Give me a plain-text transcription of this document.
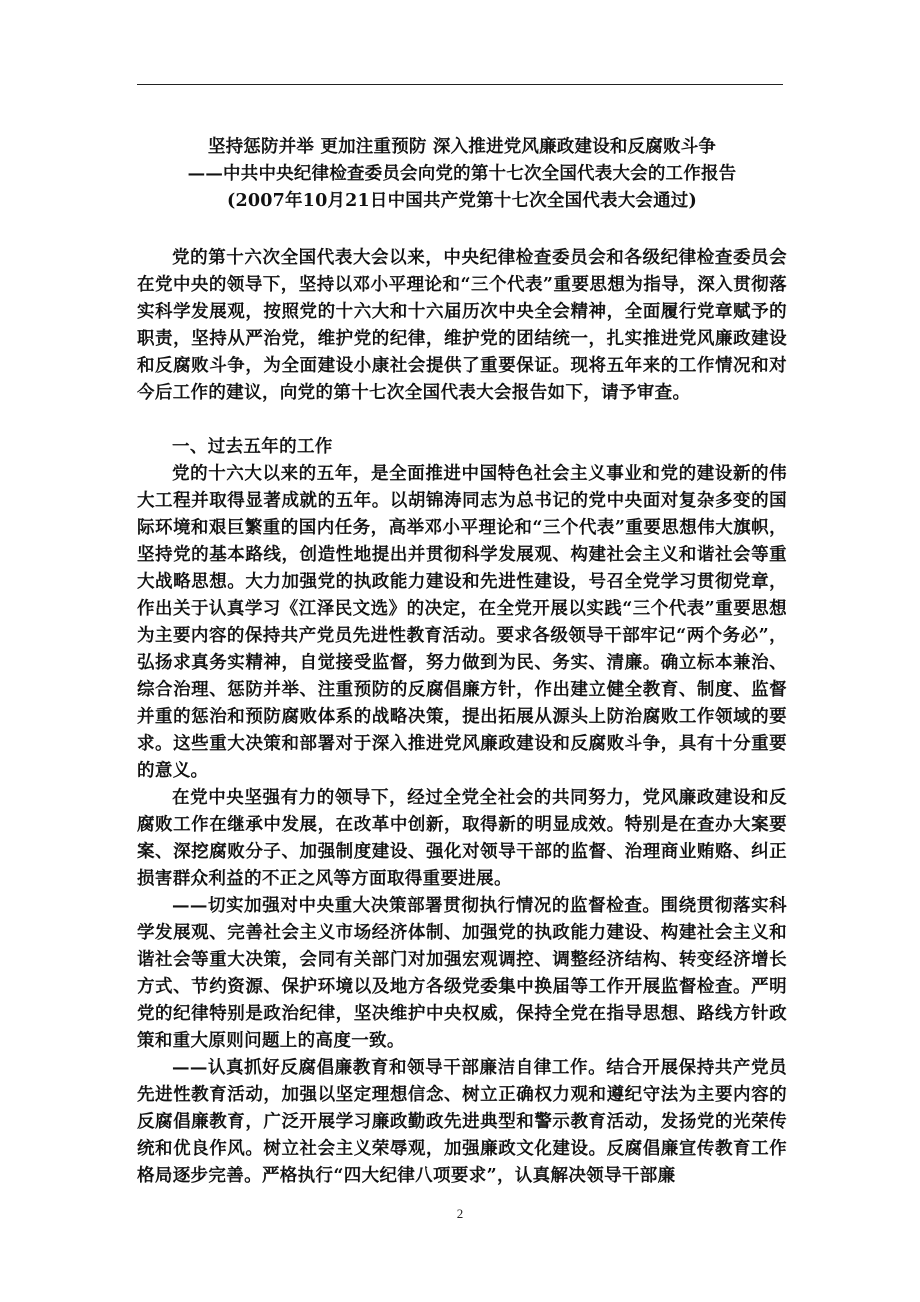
坚持惩防并举 更加注重预防 深入推进党风廉政建设和反腐败斗争
——中共中央纪律检查委员会向党的第十七次全国代表大会的工作报告
(2007年10月21日中国共产党第十七次全国代表大会通过)

党的第十六次全国代表大会以来，中央纪律检查委员会和各级纪律检查委员会在党中央的领导下，坚持以邓小平理论和“三个代表”重要思想为指导，深入贯彻落实科学发展观，按照党的十六大和十六届历次中央全会精神，全面履行党章赋予的职责，坚持从严治党，维护党的纪律，维护党的团结统一，扎实推进党风廉政建设和反腐败斗争，为全面建设小康社会提供了重要保证。现将五年来的工作情况和对今后工作的建议，向党的第十七次全国代表大会报告如下，请予审查。

一、过去五年的工作

党的十六大以来的五年，是全面推进中国特色社会主义事业和党的建设新的伟大工程并取得显著成就的五年。以胡锦涛同志为总书记的党中央面对复杂多变的国际环境和艰巨繁重的国内任务，高举邓小平理论和“三个代表”重要思想伟大旗帜，坚持党的基本路线，创造性地提出并贯彻科学发展观、构建社会主义和谐社会等重大战略思想。大力加强党的执政能力建设和先进性建设，号召全党学习贯彻党章，作出关于认真学习《江泽民文选》的决定，在全党开展以实践“三个代表”重要思想为主要内容的保持共产党员先进性教育活动。要求各级领导干部牢记“两个务必”，弘扬求真务实精神，自觉接受监督，努力做到为民、务实、清廉。确立标本兼治、综合治理、惩防并举、注重预防的反腐倡廉方针，作出建立健全教育、制度、监督并重的惩治和预防腐败体系的战略决策，提出拓展从源头上防治腐败工作领域的要求。这些重大决策和部署对于深入推进党风廉政建设和反腐败斗争，具有十分重要的意义。

在党中央坚强有力的领导下，经过全党全社会的共同努力，党风廉政建设和反腐败工作在继承中发展，在改革中创新，取得新的明显成效。特别是在查办大案要案、深挖腐败分子、加强制度建设、强化对领导干部的监督、治理商业贿赂、纠正损害群众利益的不正之风等方面取得重要进展。

——切实加强对中央重大决策部署贯彻执行情况的监督检查。围绕贯彻落实科学发展观、完善社会主义市场经济体制、加强党的执政能力建设、构建社会主义和谐社会等重大决策，会同有关部门对加强宏观调控、调整经济结构、转变经济增长方式、节约资源、保护环境以及地方各级党委集中换届等工作开展监督检查。严明党的纪律特别是政治纪律，坚决维护中央权威，保持全党在指导思想、路线方针政策和重大原则问题上的高度一致。

——认真抓好反腐倡廉教育和领导干部廉洁自律工作。结合开展保持共产党员先进性教育活动，加强以坚定理想信念、树立正确权力观和遵纪守法为主要内容的反腐倡廉教育，广泛开展学习廉政勤政先进典型和警示教育活动，发扬党的光荣传统和优良作风。树立社会主义荣辱观，加强廉政文化建设。反腐倡廉宣传教育工作格局逐步完善。严格执行“四大纪律八项要求”，认真解决领导干部廉

2
